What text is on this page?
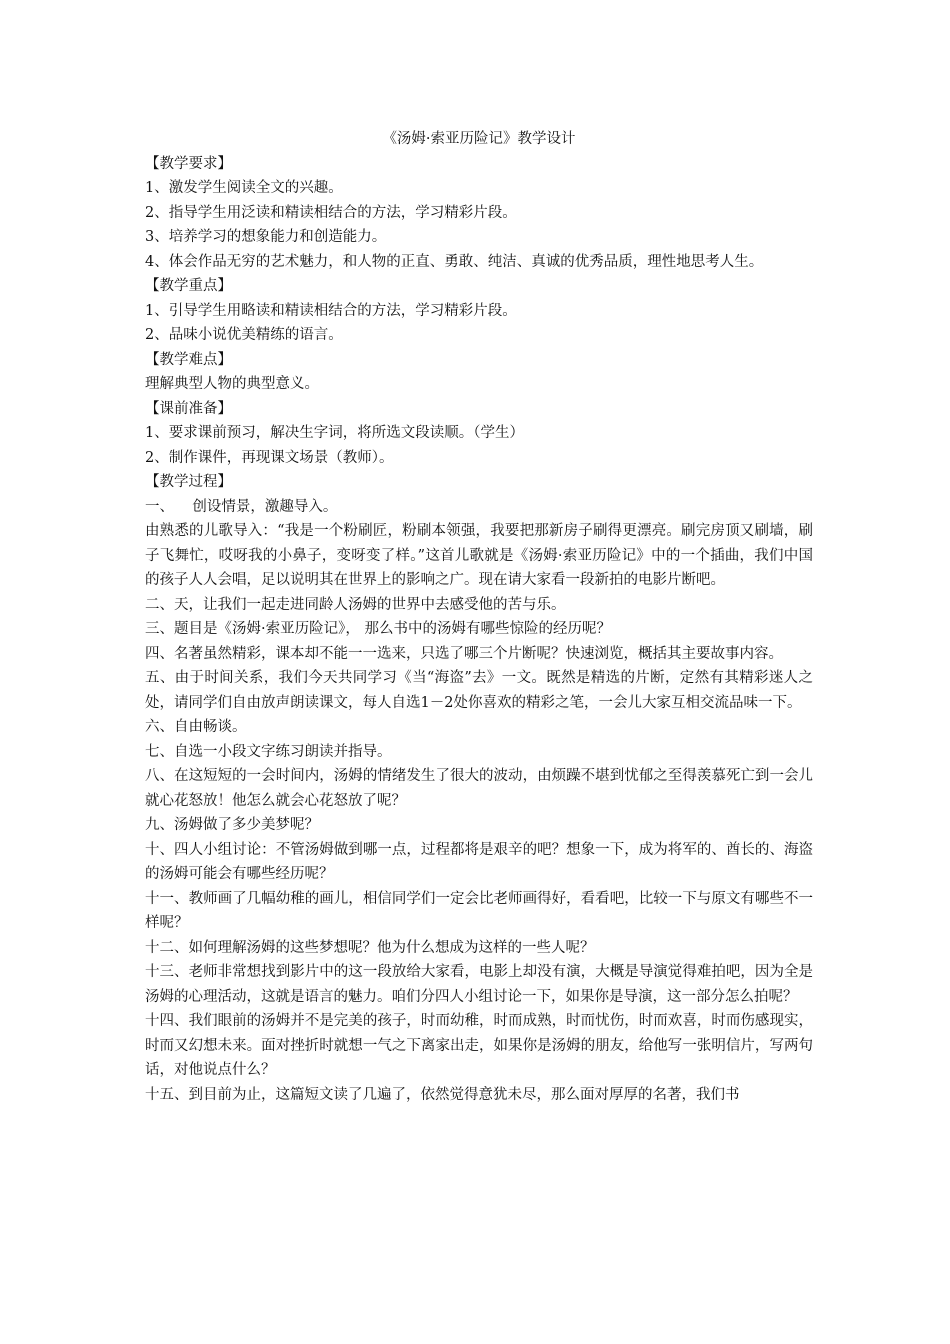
《汤姆·索亚历险记》教学设计

【教学要求】

1、激发学生阅读全文的兴趣。

2、指导学生用泛读和精读相结合的方法，学习精彩片段。

3、培养学习的想象能力和创造能力。

4、体会作品无穷的艺术魅力，和人物的正直、勇敢、纯洁、真诚的优秀品质，理性地思考人生。

【教学重点】

1、引导学生用略读和精读相结合的方法，学习精彩片段。

2、品味小说优美精练的语言。

【教学难点】

理解典型人物的典型意义。

【课前准备】

1、要求课前预习，解决生字词，将所选文段读顺。（学生）

2、制作课件，再现课文场景（教师）。

【教学过程】

一、    创设情景，激趣导入。

由熟悉的儿歌导入：“我是一个粉刷匠，粉刷本领强，我要把那新房子刷得更漂亮。刷完房顶又刷墙，刷子飞舞忙，哎呀我的小鼻子，变呀变了样。”这首儿歌就是《汤姆·索亚历险记》中的一个插曲，我们中国的孩子人人会唱，足以说明其在世界上的影响之广。现在请大家看一段新拍的电影片断吧。

二、天，让我们一起走进同龄人汤姆的世界中去感受他的苦与乐。

三、题目是《汤姆·索亚历险记》， 那么书中的汤姆有哪些惊险的经历呢？

四、名著虽然精彩，课本却不能一一选来，只选了哪三个片断呢？快速浏览，概括其主要故事内容。

五、由于时间关系，我们今天共同学习《当“海盗”去》一文。既然是精选的片断，定然有其精彩迷人之处，请同学们自由放声朗读课文，每人自选1－2处你喜欢的精彩之笔，一会儿大家互相交流品味一下。

六、自由畅谈。

七、自选一小段文字练习朗读并指导。

八、在这短短的一会时间内，汤姆的情绪发生了很大的波动，由烦躁不堪到忧郁之至得羡慕死亡到一会儿就心花怒放！他怎么就会心花怒放了呢？

九、汤姆做了多少美梦呢？

十、四人小组讨论：不管汤姆做到哪一点，过程都将是艰辛的吧？想象一下，成为将军的、酋长的、海盗的汤姆可能会有哪些经历呢？

十一、教师画了几幅幼稚的画儿，相信同学们一定会比老师画得好，看看吧，比较一下与原文有哪些不一样呢？

十二、如何理解汤姆的这些梦想呢？他为什么想成为这样的一些人呢？

十三、老师非常想找到影片中的这一段放给大家看，电影上却没有演，大概是导演觉得难拍吧，因为全是汤姆的心理活动，这就是语言的魅力。咱们分四人小组讨论一下，如果你是导演，这一部分怎么拍呢？

十四、我们眼前的汤姆并不是完美的孩子，时而幼稚，时而成熟，时而忧伤，时而欢喜，时而伤感现实，时而又幻想未来。面对挫折时就想一气之下离家出走，如果你是汤姆的朋友，给他写一张明信片，写两句话，对他说点什么？

十五、到目前为止，这篇短文读了几遍了，依然觉得意犹未尽，那么面对厚厚的名著，我们书
